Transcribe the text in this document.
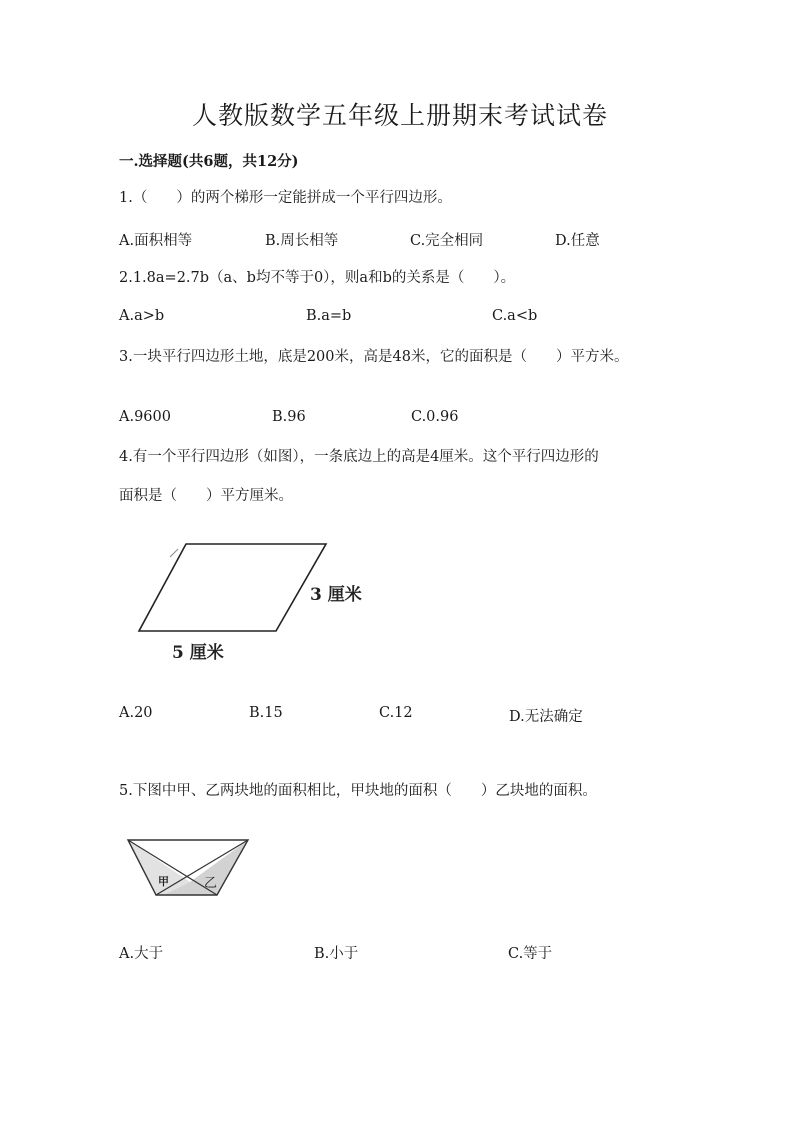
人教版数学五年级上册期末考试试卷
一.选择题(共6题，共12分)
1.（　　）的两个梯形一定能拼成一个平行四边形。
A.面积相等	B.周长相等	C.完全相同	D.任意
2.1.8a=2.7b（a、b均不等于0），则a和b的关系是（　　）。
A.a>b	B.a=b	C.a<b
3.一块平行四边形土地，底是200米，高是48米，它的面积是（　　）平方米。
A.9600	B.96	C.0.96
4.有一个平行四边形（如图），一条底边上的高是4厘米。这个平行四边形的
面积是（　　）平方厘米。
3 厘米
5 厘米
A.20	B.15	C.12	D.无法确定
5.下图中甲、乙两块地的面积相比，甲块地的面积（　　）乙块地的面积。
甲	乙
A.大于	B.小于	C.等于
